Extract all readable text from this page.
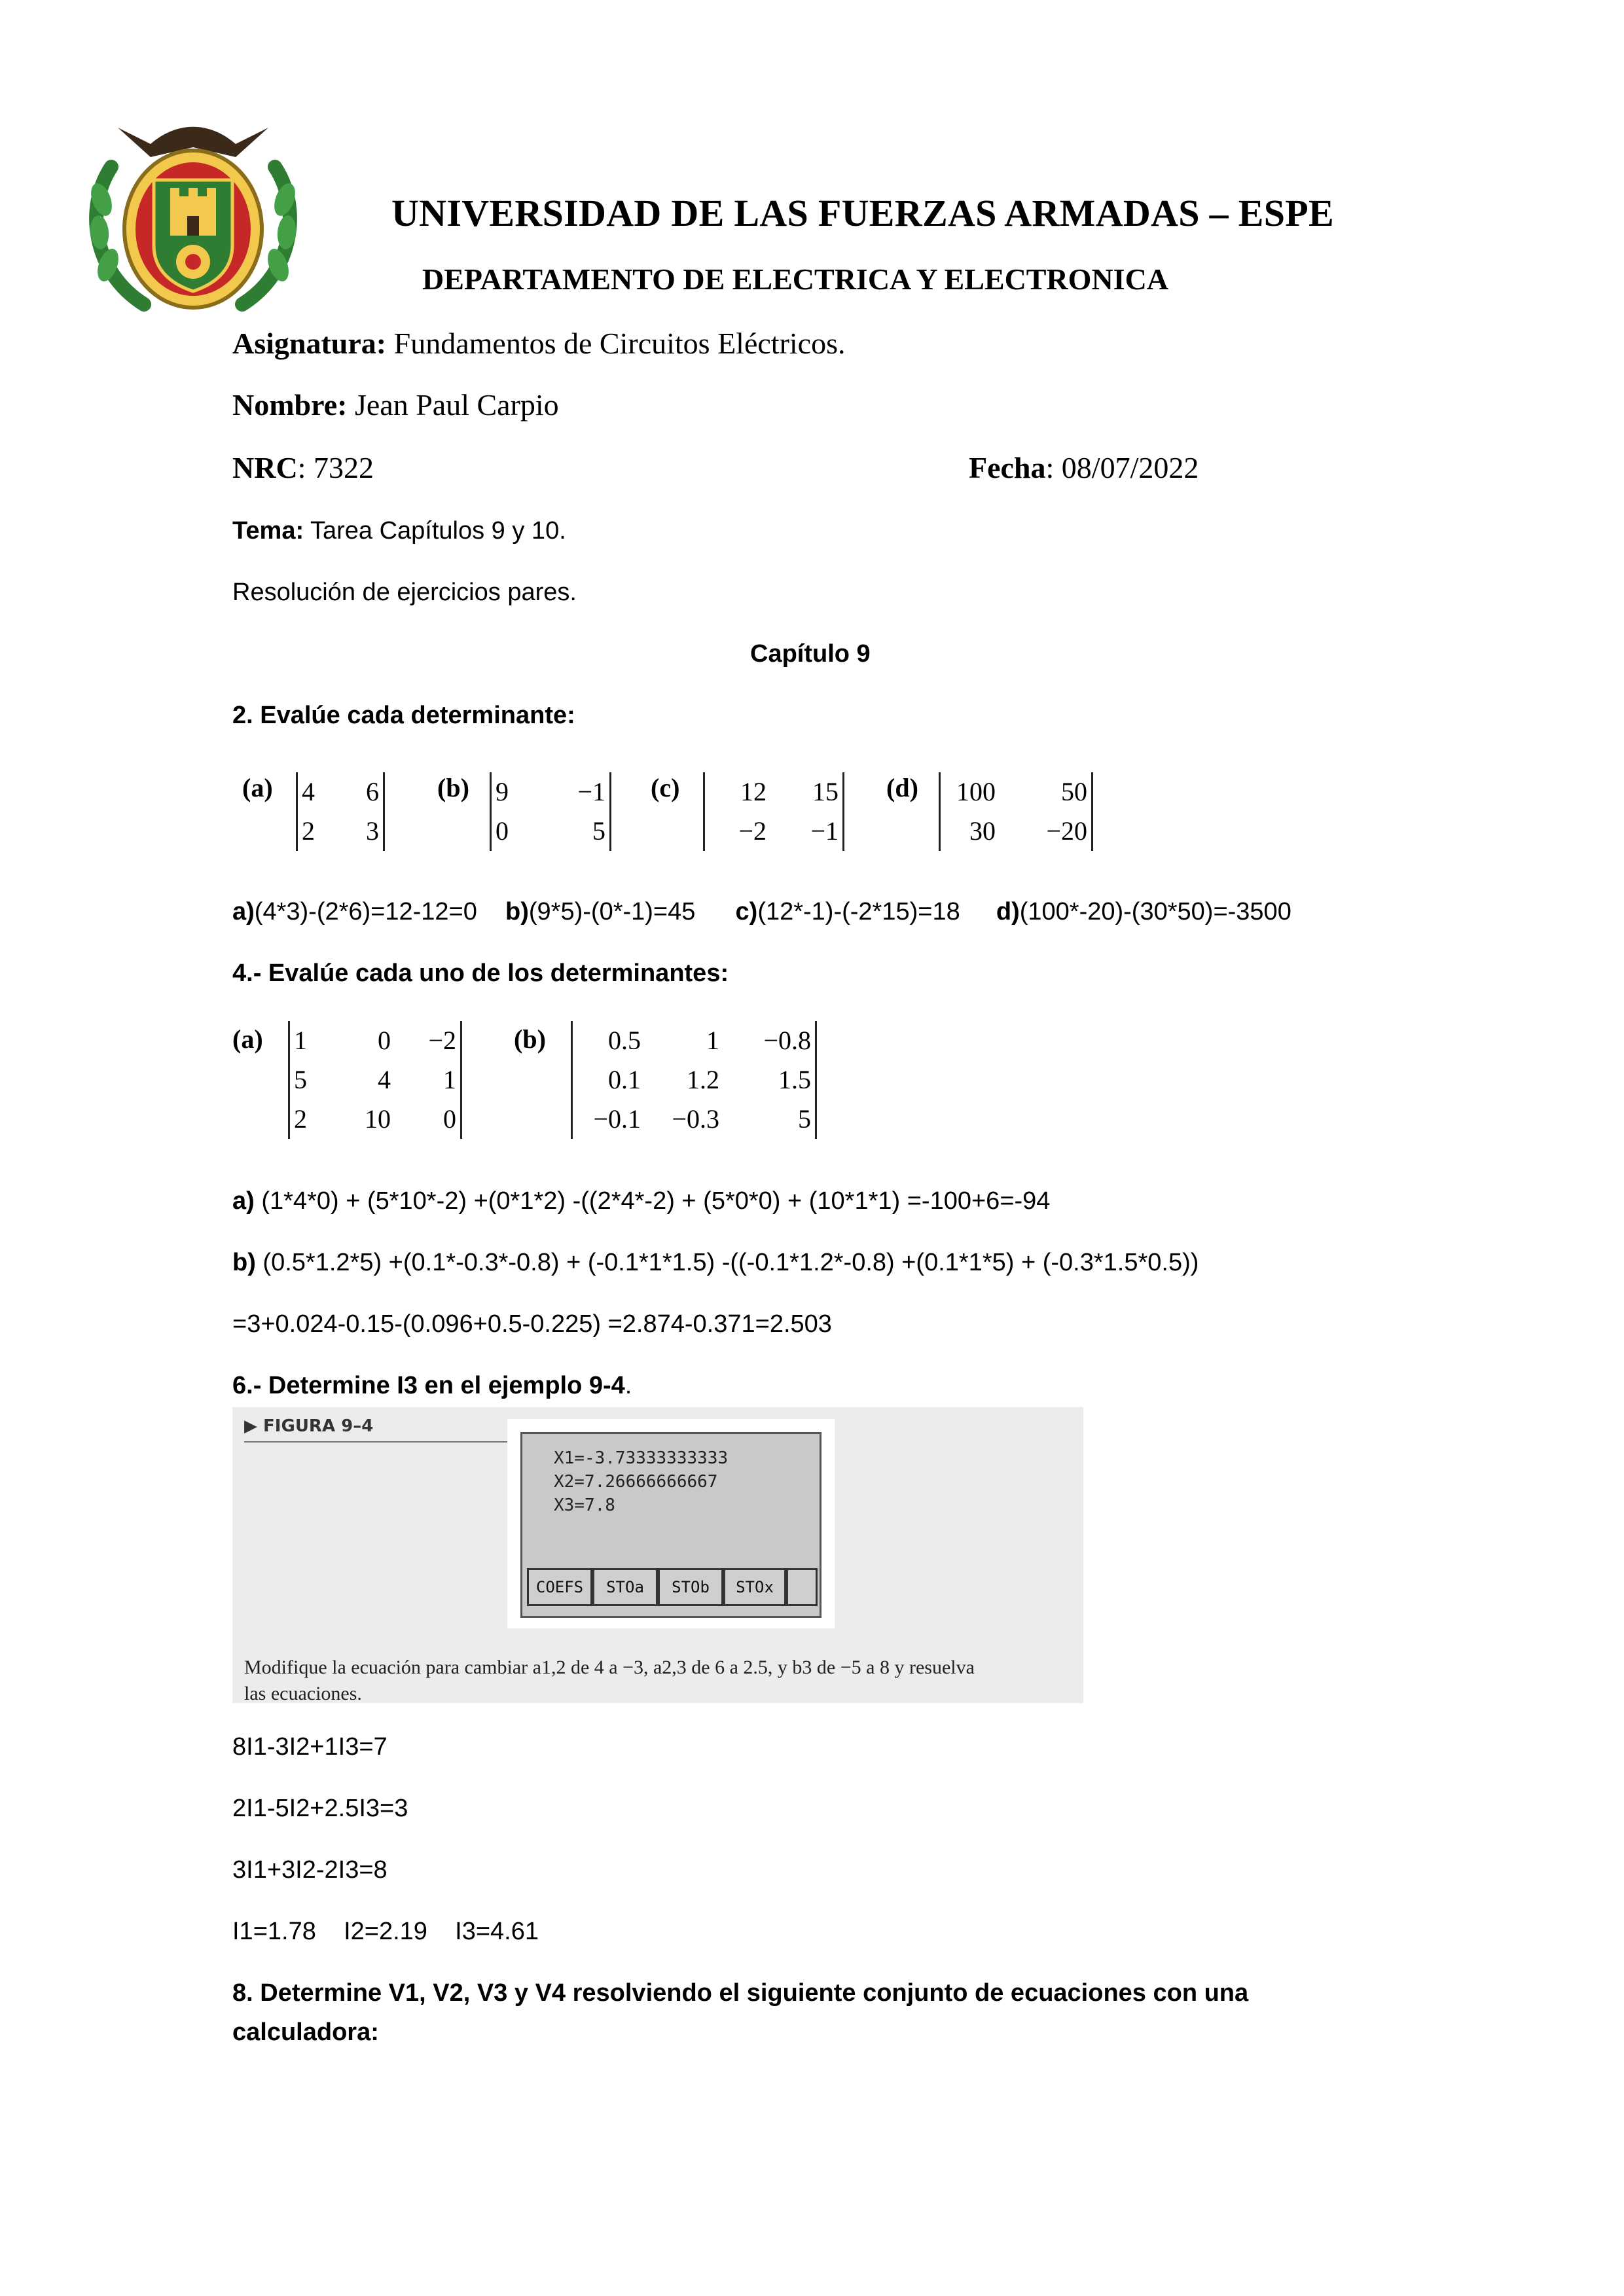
UNIVERSIDAD DE LAS FUERZAS ARMADAS – ESPE
DEPARTAMENTO DE ELECTRICA Y ELECTRONICA
Asignatura: Fundamentos de Circuitos Eléctricos.
Nombre: Jean Paul Carpio
NRC: 7322	Fecha: 08/07/2022
Tema: Tarea Capítulos 9 y 10.
Resolución de ejercicios pares.
Capítulo 9
2. Evalúe cada determinante:
(a) 4	6
2	3
(b) 9	−1
0	5
(c)	12	15
−2	−1
(d)	100	50
30	−20
a)(4*3)-(2*6)=12-12=0 b)(9*5)-(0*-1)=45 c)(12*-1)-(-2*15)=18 d)(100*-20)-(30*50)=-3500
4.- Evalúe cada uno de los determinantes:
(a) 1	0	−2
5	4	1
2	10	0
(b)	0.5	1	−0.8
0.1	1.2	1.5
−0.1	−0.3	5
a) (1*4*0) + (5*10*-2) +(0*1*2) -((2*4*-2) + (5*0*0) + (10*1*1) =-100+6=-94
b) (0.5*1.2*5) +(0.1*-0.3*-0.8) + (-0.1*1*1.5) -((-0.1*1.2*-0.8) +(0.1*1*5) + (-0.3*1.5*0.5))
=3+0.024-0.15-(0.096+0.5-0.225) =2.874-0.371=2.503
6.- Determine I3 en el ejemplo 9-4.
▶ FIGURA 9–4
X1=-3.73333333333
X2=7.26666666667
X3=7.8
COEFS	STOa	STOb	STOx
Modifique la ecuación para cambiar a1,2 de 4 a −3, a2,3 de 6 a 2.5, y b3 de −5 a 8 y resuelva
las ecuaciones.
8I1-3I2+1I3=7
2I1-5I2+2.5I3=3
3I1+3I2-2I3=8
I1=1.78    I2=2.19    I3=4.61
8. Determine V1, V2, V3 y V4 resolviendo el siguiente conjunto de ecuaciones con una
calculadora:
